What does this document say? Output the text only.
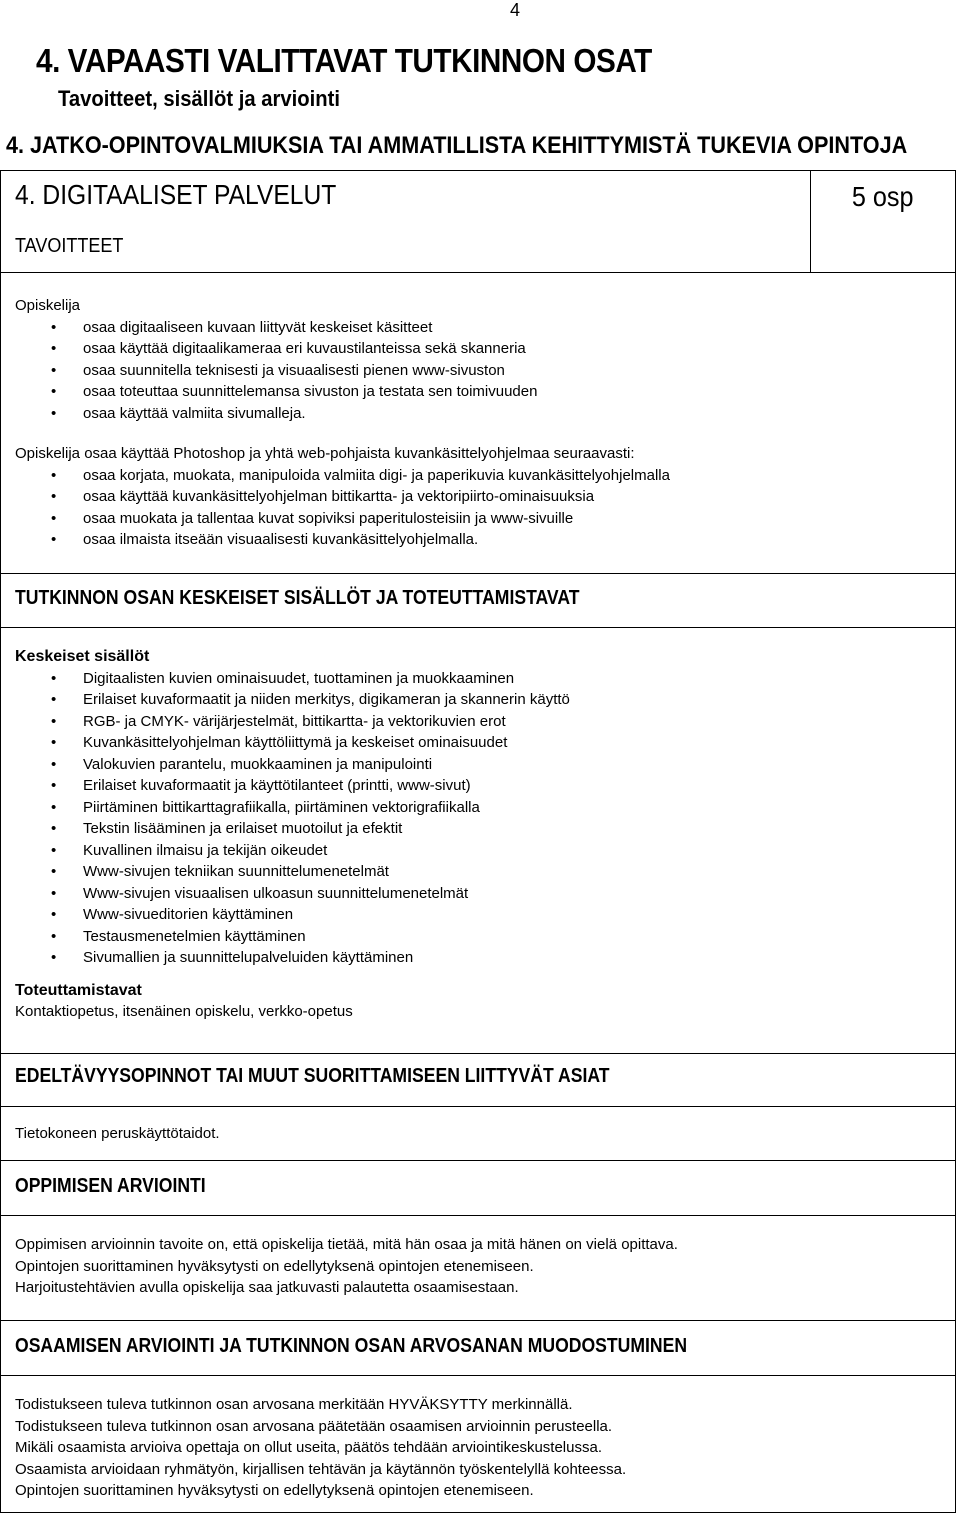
4
4. VAPAASTI VALITTAVAT TUTKINNON OSAT
Tavoitteet, sisällöt ja arviointi
4. JATKO-OPINTOVALMIUKSIA TAI AMMATILLISTA KEHITTYMISTÄ TUKEVIA OPINTOJA
4. DIGITAALISET PALVELUT	5 osp
TAVOITTEET

Opiskelija

• osaa digitaaliseen kuvaan liittyvät keskeiset käsitteet
• osaa käyttää digitaalikameraa eri kuvaustilanteissa sekä skanneria
• osaa suunnitella teknisesti ja visuaalisesti pienen www-sivuston
• osaa toteuttaa suunnittelemansa sivuston ja testata sen toimivuuden
• osaa käyttää valmiita sivumalleja.

Opiskelija osaa käyttää Photoshop ja yhtä web-pohjaista kuvankäsittelyohjelmaa seuraavasti:

• osaa korjata, muokata, manipuloida valmiita digi- ja paperikuvia kuvankäsittelyohjelmalla
• osaa käyttää kuvankäsittelyohjelman bittikartta- ja vektoripiirto-ominaisuuksia
• osaa muokata ja tallentaa kuvat sopiviksi paperitulosteisiin ja www-sivuille
• osaa ilmaista itseään visuaalisesti kuvankäsittelyohjelmalla.
TUTKINNON OSAN KESKEISET SISÄLLÖT JA TOTEUTTAMISTAVAT

Keskeiset sisällöt

• Digitaalisten kuvien ominaisuudet, tuottaminen ja muokkaaminen
• Erilaiset kuvaformaatit ja niiden merkitys, digikameran ja skannerin käyttö
• RGB- ja CMYK- värijärjestelmät, bittikartta- ja vektorikuvien erot
• Kuvankäsittelyohjelman käyttöliittymä ja keskeiset ominaisuudet
• Valokuvien parantelu, muokkaaminen ja manipulointi
• Erilaiset kuvaformaatit ja käyttötilanteet (printti, www-sivut)
• Piirtäminen bittikarttagrafiikalla, piirtäminen vektorigrafiikalla
• Tekstin lisääminen ja erilaiset muotoilut ja efektit
• Kuvallinen ilmaisu ja tekijän oikeudet
• Www-sivujen tekniikan suunnittelumenetelmät
• Www-sivujen visuaalisen ulkoasun suunnittelumenetelmät
• Www-sivueditorien käyttäminen
• Testausmenetelmien käyttäminen
• Sivumallien ja suunnittelupalveluiden käyttäminen

Toteuttamistavat

Kontaktiopetus, itsenäinen opiskelu, verkko-opetus

EDELTÄVYYSOPINNOT TAI MUUT SUORITTAMISEEN LIITTYVÄT ASIAT

Tietokoneen peruskäyttötaidot.

OPPIMISEN ARVIOINTI

Oppimisen arvioinnin tavoite on, että opiskelija tietää, mitä hän osaa ja mitä hänen on vielä opittava.

Opintojen suorittaminen hyväksytysti on edellytyksenä opintojen etenemiseen.

Harjoitustehtävien avulla opiskelija saa jatkuvasti palautetta osaamisestaan.

OSAAMISEN ARVIOINTI JA TUTKINNON OSAN ARVOSANAN MUODOSTUMINEN

Todistukseen tuleva tutkinnon osan arvosana merkitään HYVÄKSYTTY merkinnällä.

Todistukseen tuleva tutkinnon osan arvosana päätetään osaamisen arvioinnin perusteella.

Mikäli osaamista arvioiva opettaja on ollut useita, päätös tehdään arviointikeskustelussa.

Osaamista arvioidaan ryhmätyön, kirjallisen tehtävän ja käytännön työskentelyllä kohteessa.

Opintojen suorittaminen hyväksytysti on edellytyksenä opintojen etenemiseen.
